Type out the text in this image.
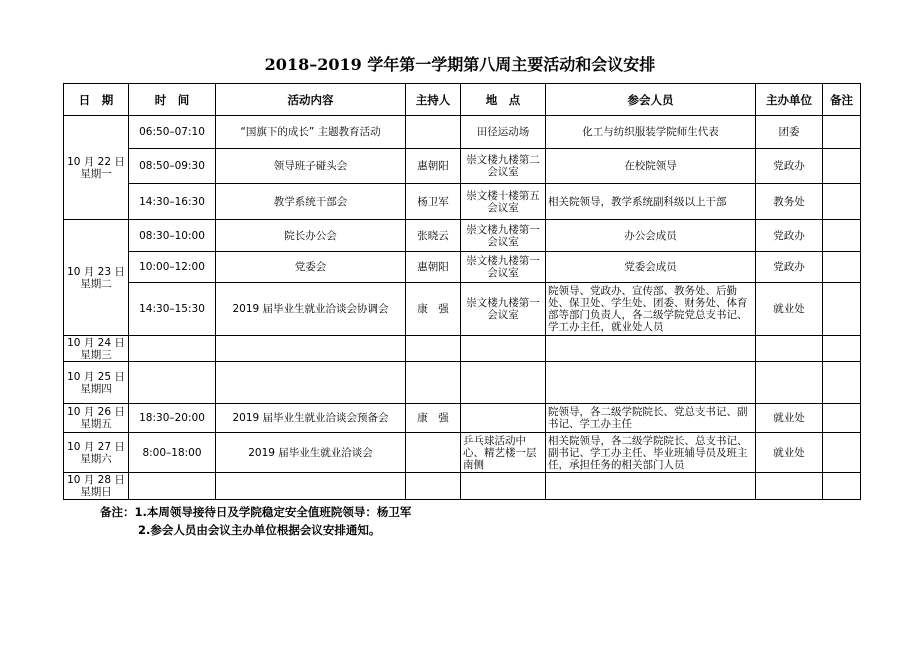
2018–2019 学年第一学期第八周主要活动和会议安排
日　期	时　间	活动内容	主持人	地　点	参会人员	主办单位	备注
10 月 22 日
星期一	06:50–07:10	“国旗下的成长” 主题教育活动		田径运动场	化工与纺织服装学院师生代表	团委	
	08:50–09:30	领导班子碰头会	惠朝阳	崇文楼九楼第二会议室	在校院领导	党政办	
	14:30–16:30	教学系统干部会	杨卫军	崇文楼十楼第五会议室	相关院领导，教学系统副科级以上干部	教务处	
10 月 23 日
星期二	08:30–10:00	院长办公会	张晓云	崇文楼九楼第一会议室	办公会成员	党政办	
	10:00–12:00	党委会	惠朝阳	崇文楼九楼第一会议室	党委会成员	党政办	
	14:30–15:30	2019 届毕业生就业洽谈会协调会	康　强	崇文楼九楼第一会议室	院领导、党政办、宣传部、教务处、后勤处、保卫处、学生处、团委、财务处、体育部等部门负责人，各二级学院党总支书记、学工办主任，就业处人员	就业处	
10 月 24 日
星期三							
10 月 25 日
星期四							
10 月 26 日
星期五	18:30–20:00	2019 届毕业生就业洽谈会预备会	康　强		院领导，各二级学院院长、党总支书记、副书记、学工办主任	就业处	
10 月 27 日
星期六	8:00–18:00	2019 届毕业生就业洽谈会		乒乓球活动中心、精艺楼一层南侧	相关院领导，各二级学院院长、总支书记、副书记、学工办主任、毕业班辅导员及班主任，承担任务的相关部门人员	就业处	
10 月 28 日
星期日							
备注：1.本周领导接待日及学院稳定安全值班院领导：杨卫军
2.参会人员由会议主办单位根据会议安排通知。
